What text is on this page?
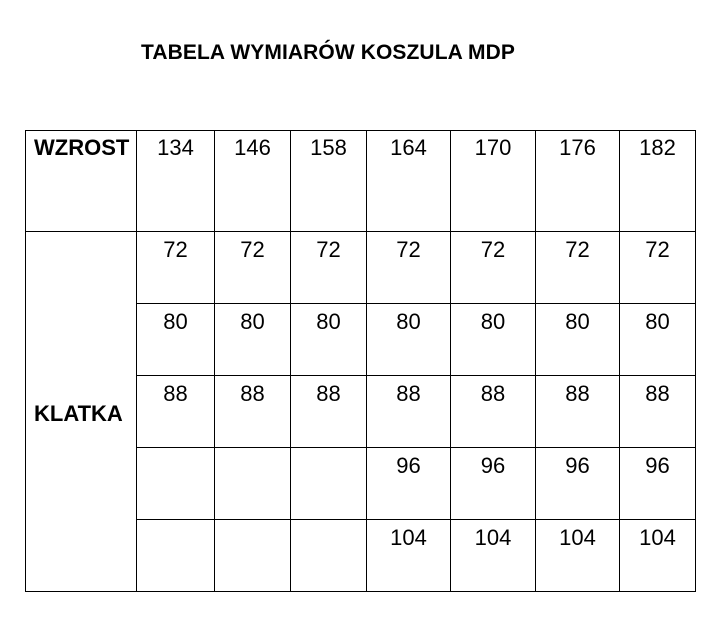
TABELA WYMIARÓW KOSZULA MDP
WZROST	134	146	158	164	170	176	182

KLATKA	72	72	72	72	72	72	72

	80	80	80	80	80	80	80

	88	88	88	88	88	88	88

				96	96	96	96

				104	104	104	104
